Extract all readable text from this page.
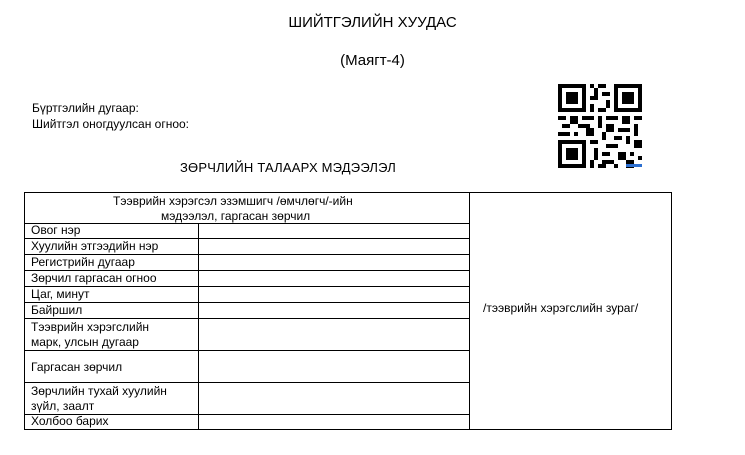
ШИЙТГЭЛИЙН ХУУДАС
(Маягт-4)
Бүртгэлийн дугаар:
Шийтгэл оногдуулсан огноо:
ЗӨРЧЛИЙН ТАЛААРХ МЭДЭЭЛЭЛ
Тээврийн хэрэгсэл эзэмшигч /өмчлөгч/-ийн
мэдээлэл, гаргасан зөрчил
Овог нэр
Хуулийн этгээдийн нэр
Регистрийн дугаар
Зөрчил гаргасан огноо
Цаг, минут
Байршил
Тээврийн хэрэгслийн
марк, улсын дугаар
Гаргасан зөрчил
Зөрчлийн тухай хуулийн
зүйл, заалт
Холбоо барих
/тээврийн хэрэгслийн зураг/
